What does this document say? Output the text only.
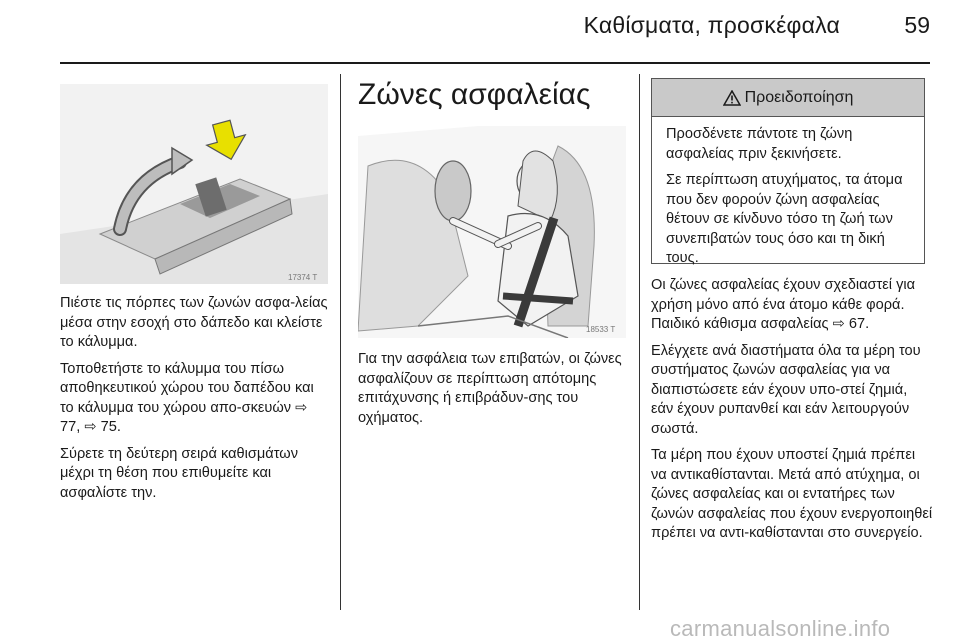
Καθίσματα, προσκέφαλα	59
17374 T

Πιέστε τις πόρπες των ζωνών ασφα-λείας μέσα στην εσοχή στο δάπεδο και κλείστε το κάλυμμα.

Τοποθετήστε το κάλυμμα του πίσω αποθηκευτικού χώρου του δαπέδου και το κάλυμμα του χώρου απο-σκευών ⇨ 77, ⇨ 75.

Σύρετε τη δεύτερη σειρά καθισμάτων μέχρι τη θέση που επιθυμείτε και ασφαλίστε την.

Ζώνες ασφαλείας
18533 T

Για την ασφάλεια των επιβατών, οι ζώνες ασφαλίζουν σε περίπτωση απότομης επιτάχυνσης ή επιβράδυν-σης του οχήματος.

Προειδοποίηση

Προσδένετε πάντοτε τη ζώνη ασφαλείας πριν ξεκινήσετε.

Σε περίπτωση ατυχήματος, τα άτομα που δεν φορούν ζώνη ασφαλείας θέτουν σε κίνδυνο τόσο τη ζωή των συνεπιβατών τους όσο και τη δική τους.

Οι ζώνες ασφαλείας έχουν σχεδιαστεί για χρήση μόνο από ένα άτομο κάθε φορά. Παιδικό κάθισμα ασφαλείας ⇨ 67.

Ελέγχετε ανά διαστήματα όλα τα μέρη του συστήματος ζωνών ασφαλείας για να διαπιστώσετε εάν έχουν υπο-στεί ζημιά, εάν έχουν ρυπανθεί και εάν λειτουργούν σωστά.

Τα μέρη που έχουν υποστεί ζημιά πρέπει να αντικαθίστανται. Μετά από ατύχημα, οι ζώνες ασφαλείας και οι εντατήρες των ζωνών ασφαλείας που έχουν ενεργοποιηθεί πρέπει να αντι-καθίστανται στο συνεργείο.

carmanualsonline.info
